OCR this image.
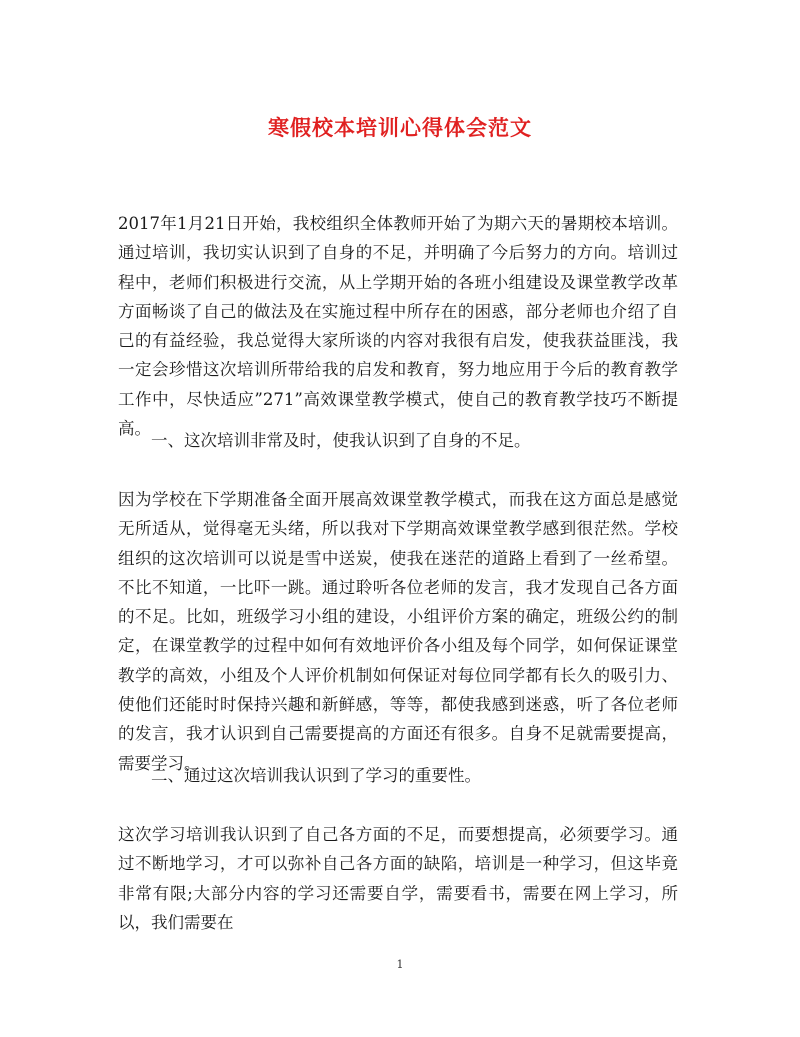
寒假校本培训心得体会范文

2017年1月21日开始，我校组织全体教师开始了为期六天的暑期校本培训。通过培训，我切实认识到了自身的不足，并明确了今后努力的方向。培训过程中，老师们积极进行交流，从上学期开始的各班小组建设及课堂教学改革方面畅谈了自己的做法及在实施过程中所存在的困惑，部分老师也介绍了自己的有益经验，我总觉得大家所谈的内容对我很有启发，使我获益匪浅，我一定会珍惜这次培训所带给我的启发和教育，努力地应用于今后的教育教学工作中，尽快适应”271”高效课堂教学模式，使自己的教育教学技巧不断提高。

一、这次培训非常及时，使我认识到了自身的不足。

因为学校在下学期准备全面开展高效课堂教学模式，而我在这方面总是感觉无所适从，觉得毫无头绪，所以我对下学期高效课堂教学感到很茫然。学校组织的这次培训可以说是雪中送炭，使我在迷茫的道路上看到了一丝希望。不比不知道，一比吓一跳。通过聆听各位老师的发言，我才发现自己各方面的不足。比如，班级学习小组的建设，小组评价方案的确定，班级公约的制定，在课堂教学的过程中如何有效地评价各小组及每个同学，如何保证课堂教学的高效，小组及个人评价机制如何保证对每位同学都有长久的吸引力、使他们还能时时保持兴趣和新鲜感，等等，都使我感到迷惑，听了各位老师的发言，我才认识到自己需要提高的方面还有很多。自身不足就需要提高，需要学习。

二、通过这次培训我认识到了学习的重要性。

这次学习培训我认识到了自己各方面的不足，而要想提高，必须要学习。通过不断地学习，才可以弥补自己各方面的缺陷，培训是一种学习，但这毕竟非常有限;大部分内容的学习还需要自学，需要看书，需要在网上学习，所以，我们需要在

1
